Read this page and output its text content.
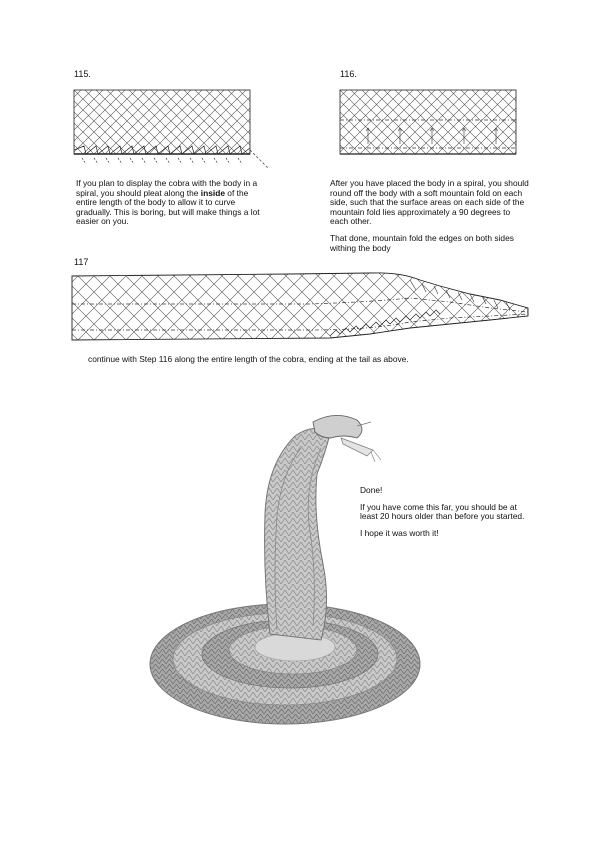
115.

If you plan to display the cobra with the body in a spiral, you should pleat along the inside of the entire length of the body to allow it to curve gradually. This is boring, but will make things a lot easier on you.

116.

After you have placed the body in a spiral, you should round off the body with a soft mountain fold on each side, such that the surface areas on each side of the mountain fold lies approximately a 90 degrees to each other.

That done, mountain fold the edges on both sides withing the body

117
continue with Step 116 along the entire length of the cobra, ending at the tail as above.

Done!

If you have come this far, you should be at least 20 hours older than before you started.

I hope it was worth it!
